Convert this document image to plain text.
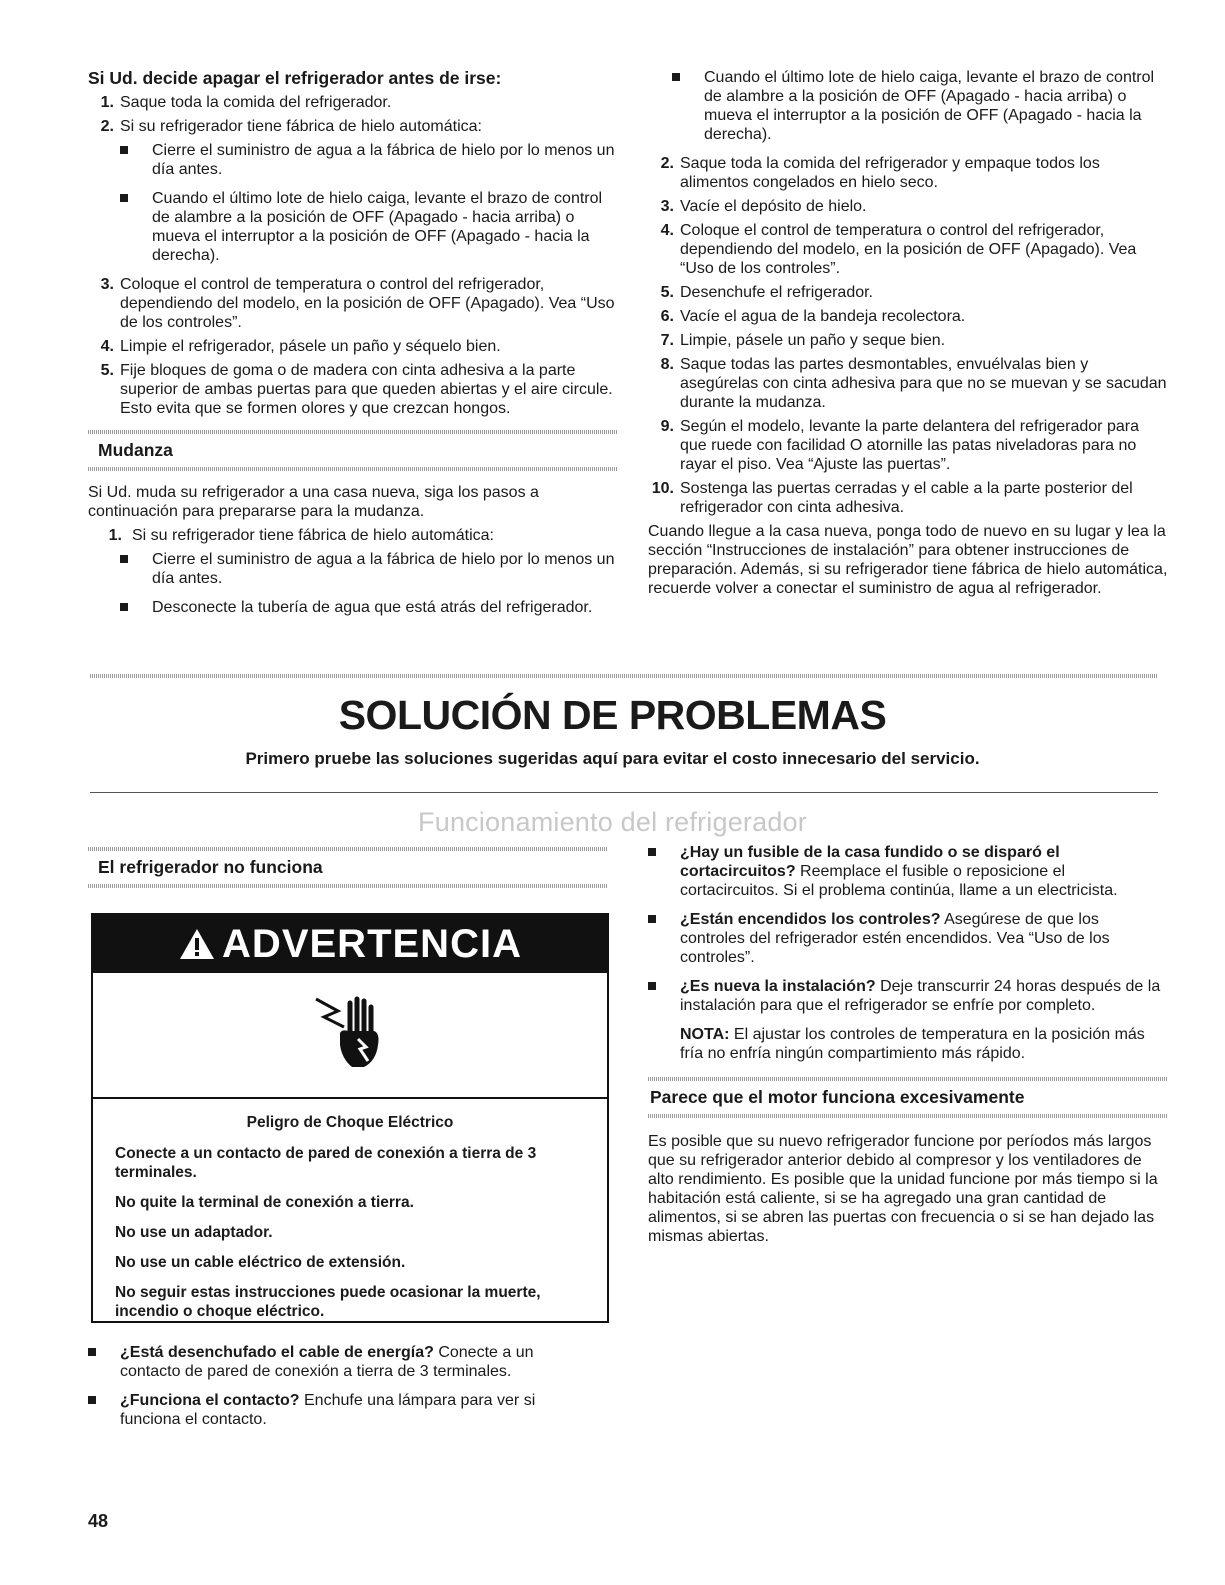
Si Ud. decide apagar el refrigerador antes de irse:
1. Saque toda la comida del refrigerador.
2. Si su refrigerador tiene fábrica de hielo automática:
Cierre el suministro de agua a la fábrica de hielo por lo menos un día antes.
Cuando el último lote de hielo caiga, levante el brazo de control de alambre a la posición de OFF (Apagado - hacia arriba) o mueva el interruptor a la posición de OFF (Apagado - hacia la derecha).
3. Coloque el control de temperatura o control del refrigerador, dependiendo del modelo, en la posición de OFF (Apagado). Vea “Uso de los controles”.
4. Limpie el refrigerador, pásele un paño y séquelo bien.
5. Fije bloques de goma o de madera con cinta adhesiva a la parte superior de ambas puertas para que queden abiertas y el aire circule. Esto evita que se formen olores y que crezcan hongos.
Mudanza

Si Ud. muda su refrigerador a una casa nueva, siga los pasos a continuación para prepararse para la mudanza.

1. Si su refrigerador tiene fábrica de hielo automática:
Cierre el suministro de agua a la fábrica de hielo por lo menos un día antes.
Desconecte la tubería de agua que está atrás del refrigerador.
Cuando el último lote de hielo caiga, levante el brazo de control de alambre a la posición de OFF (Apagado - hacia arriba) o mueva el interruptor a la posición de OFF (Apagado - hacia la derecha).
2. Saque toda la comida del refrigerador y empaque todos los alimentos congelados en hielo seco.
3. Vacíe el depósito de hielo.
4. Coloque el control de temperatura o control del refrigerador, dependiendo del modelo, en la posición de OFF (Apagado). Vea “Uso de los controles”.
5. Desenchufe el refrigerador.
6. Vacíe el agua de la bandeja recolectora.
7. Limpie, pásele un paño y seque bien.
8. Saque todas las partes desmontables, envuélvalas bien y asegúrelas con cinta adhesiva para que no se muevan y se sacudan durante la mudanza.
9. Según el modelo, levante la parte delantera del refrigerador para que ruede con facilidad O atornille las patas niveladoras para no rayar el piso. Vea “Ajuste las puertas”.
10. Sostenga las puertas cerradas y el cable a la parte posterior del refrigerador con cinta adhesiva.

Cuando llegue a la casa nueva, ponga todo de nuevo en su lugar y lea la sección “Instrucciones de instalación” para obtener instrucciones de preparación. Además, si su refrigerador tiene fábrica de hielo automática, recuerde volver a conectar el suministro de agua al refrigerador.

SOLUCIÓN DE PROBLEMAS
Primero pruebe las soluciones sugeridas aquí para evitar el costo innecesario del servicio.
Funcionamiento del refrigerador
El refrigerador no funciona
ADVERTENCIA

Peligro de Choque Eléctrico

Conecte a un contacto de pared de conexión a tierra de 3 terminales.

No quite la terminal de conexión a tierra.

No use un adaptador.

No use un cable eléctrico de extensión.

No seguir estas instrucciones puede ocasionar la muerte, incendio o choque eléctrico.

¿Está desenchufado el cable de energía? Conecte a un contacto de pared de conexión a tierra de 3 terminales.
¿Funciona el contacto? Enchufe una lámpara para ver si funciona el contacto.
¿Hay un fusible de la casa fundido o se disparó el cortacircuitos? Reemplace el fusible o reposicione el cortacircuitos. Si el problema continúa, llame a un electricista.
¿Están encendidos los controles? Asegúrese de que los controles del refrigerador estén encendidos. Vea “Uso de los controles”.
¿Es nueva la instalación? Deje transcurrir 24 horas después de la instalación para que el refrigerador se enfríe por completo.

NOTA: El ajustar los controles de temperatura en la posición más fría no enfría ningún compartimiento más rápido.

Parece que el motor funciona excesivamente

Es posible que su nuevo refrigerador funcione por períodos más largos que su refrigerador anterior debido al compresor y los ventiladores de alto rendimiento. Es posible que la unidad funcione por más tiempo si la habitación está caliente, si se ha agregado una gran cantidad de alimentos, si se abren las puertas con frecuencia o si se han dejado las mismas abiertas.

48
